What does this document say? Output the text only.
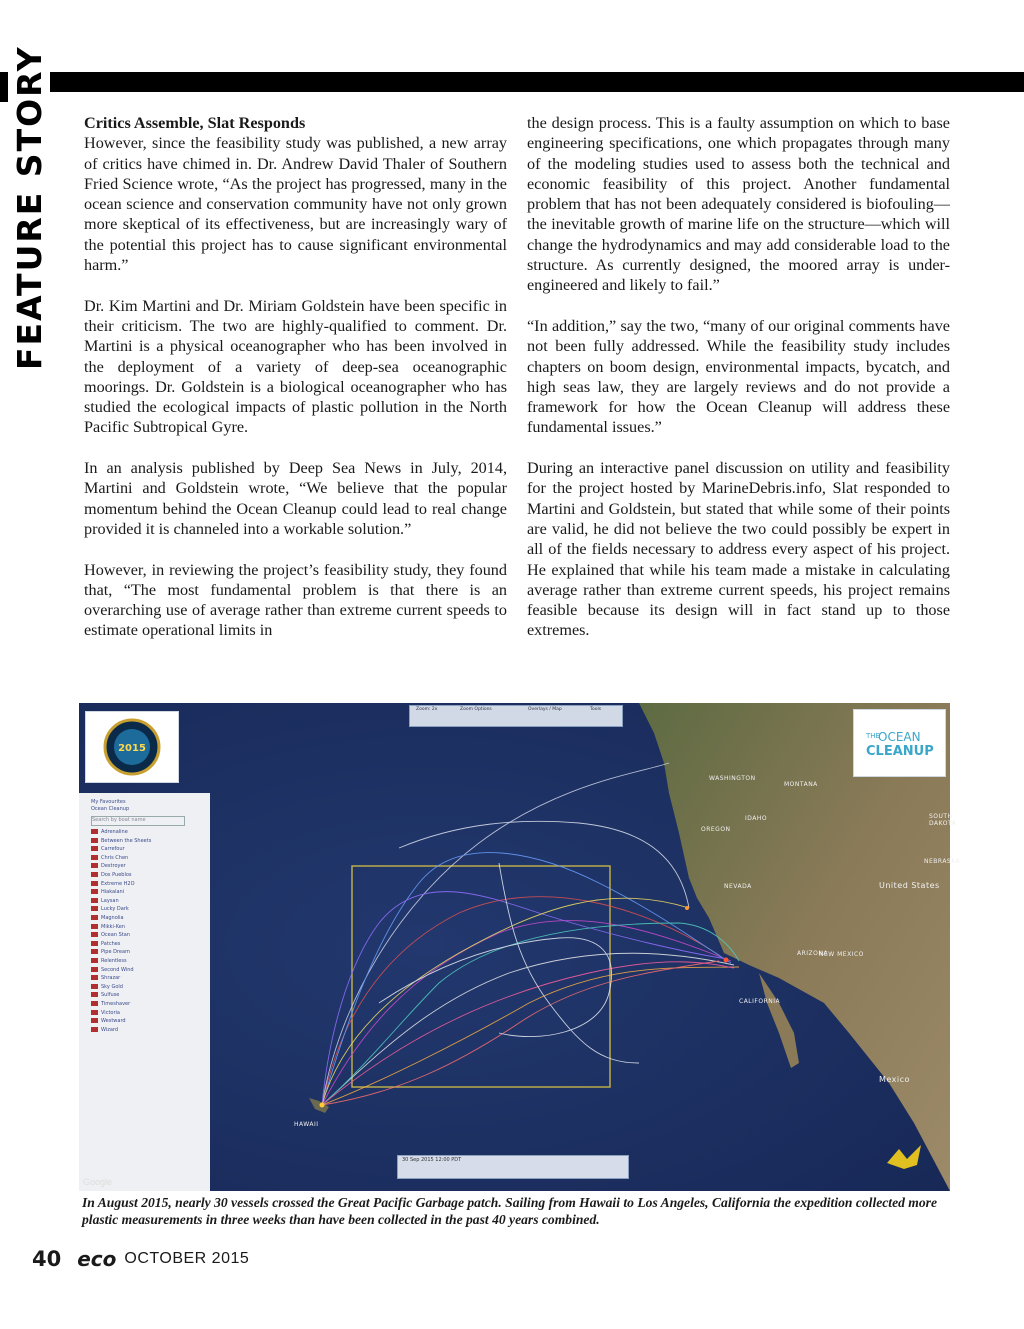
FEATURE STORY Critics Assemble, Slat Responds
However, since the feasibility study was published, a new array of critics have chimed in. Dr. Andrew David Thaler of Southern Fried Science wrote, “As the project has progressed, many in the ocean science and conservation community have not only grown more skeptical of its effectiveness, but are increasingly wary of the potential this project has to cause significant environmental harm.”

Dr. Kim Martini and Dr. Miriam Goldstein have been specific in their criticism. The two are highly-qualified to comment. Dr. Martini is a physical oceanographer who has been involved in the deployment of a variety of deep-sea oceanographic moorings. Dr. Goldstein is a biological oceanographer who has studied the ecological impacts of plastic pollution in the North Pacific Subtropical Gyre.

In an analysis published by Deep Sea News in July, 2014, Martini and Goldstein wrote, “We believe that the popular momentum behind the Ocean Cleanup could lead to real change provided it is channeled into a workable solution.”

However, in reviewing the project’s feasibility study, they found that, “The most fundamental problem is that there is an overarching use of average rather than extreme current speeds to estimate operational limits in

the design process. This is a faulty assumption on which to base engineering specifications, one which propagates through many of the modeling studies used to assess both the technical and economic feasibility of this project. Another fundamental problem that has not been adequately considered is biofouling—the inevitable growth of marine life on the structure—which will change the hydrodynamics and may add considerable load to the structure. As currently designed, the moored array is under-engineered and likely to fail.”

“In addition,” say the two, “many of our original comments have not been fully addressed. While the feasibility study includes chapters on boom design, environmental impacts, bycatch, and high seas law, they are largely reviews and do not provide a framework for how the Ocean Cleanup will address these fundamental issues.”

During an interactive panel discussion on utility and feasibility for the project hosted by MarineDebris.info, Slat responded to Martini and Goldstein, but stated that while some of their points are valid, he did not believe the two could possibly be expert in all of the fields necessary to address every aspect of his project. He explained that while his team made a mistake in calculating average rather than extreme current speeds, his project remains feasible because its design will in fact stand up to those extremes.

2015
THE
OCEAN
CLEANUP
Zoom: 2x	Zoom Options	Overlays / Map	Tools
My Favourites
Ocean Cleanup
Search by boat name
Adrenaline
Between the Sheets
Carrefour
Chris Chen
Destroyer
Dos Pueblos
Extreme H2O
Hiakalani
Laysan
Lucky Dark
Magnolia
Mikki-Ken
Ocean Stan
Patches
Pipe Dream
Relentless
Second Wind
Shrazar
Sky Gold
Sulfuse
Timeshaver
Victoria
Westward
Wizard
WASHINGTON
MONTANA
OREGON
IDAHO
NEVADA	United States
ARIZONA
NEW MEXICO
CALIFORNIA
Mexico
HAWAII
SOUTH DAKOTA
NEBRASKA
30 Sep 2015 12:00 PDT
Google
In August 2015, nearly 30 vessels crossed the Great Pacific Garbage patch. Sailing from Hawaii to Los Angeles, California the expedition collected more plastic measurements in three weeks than have been collected in the past 40 years combined.
40 eco OCTOBER 2015
